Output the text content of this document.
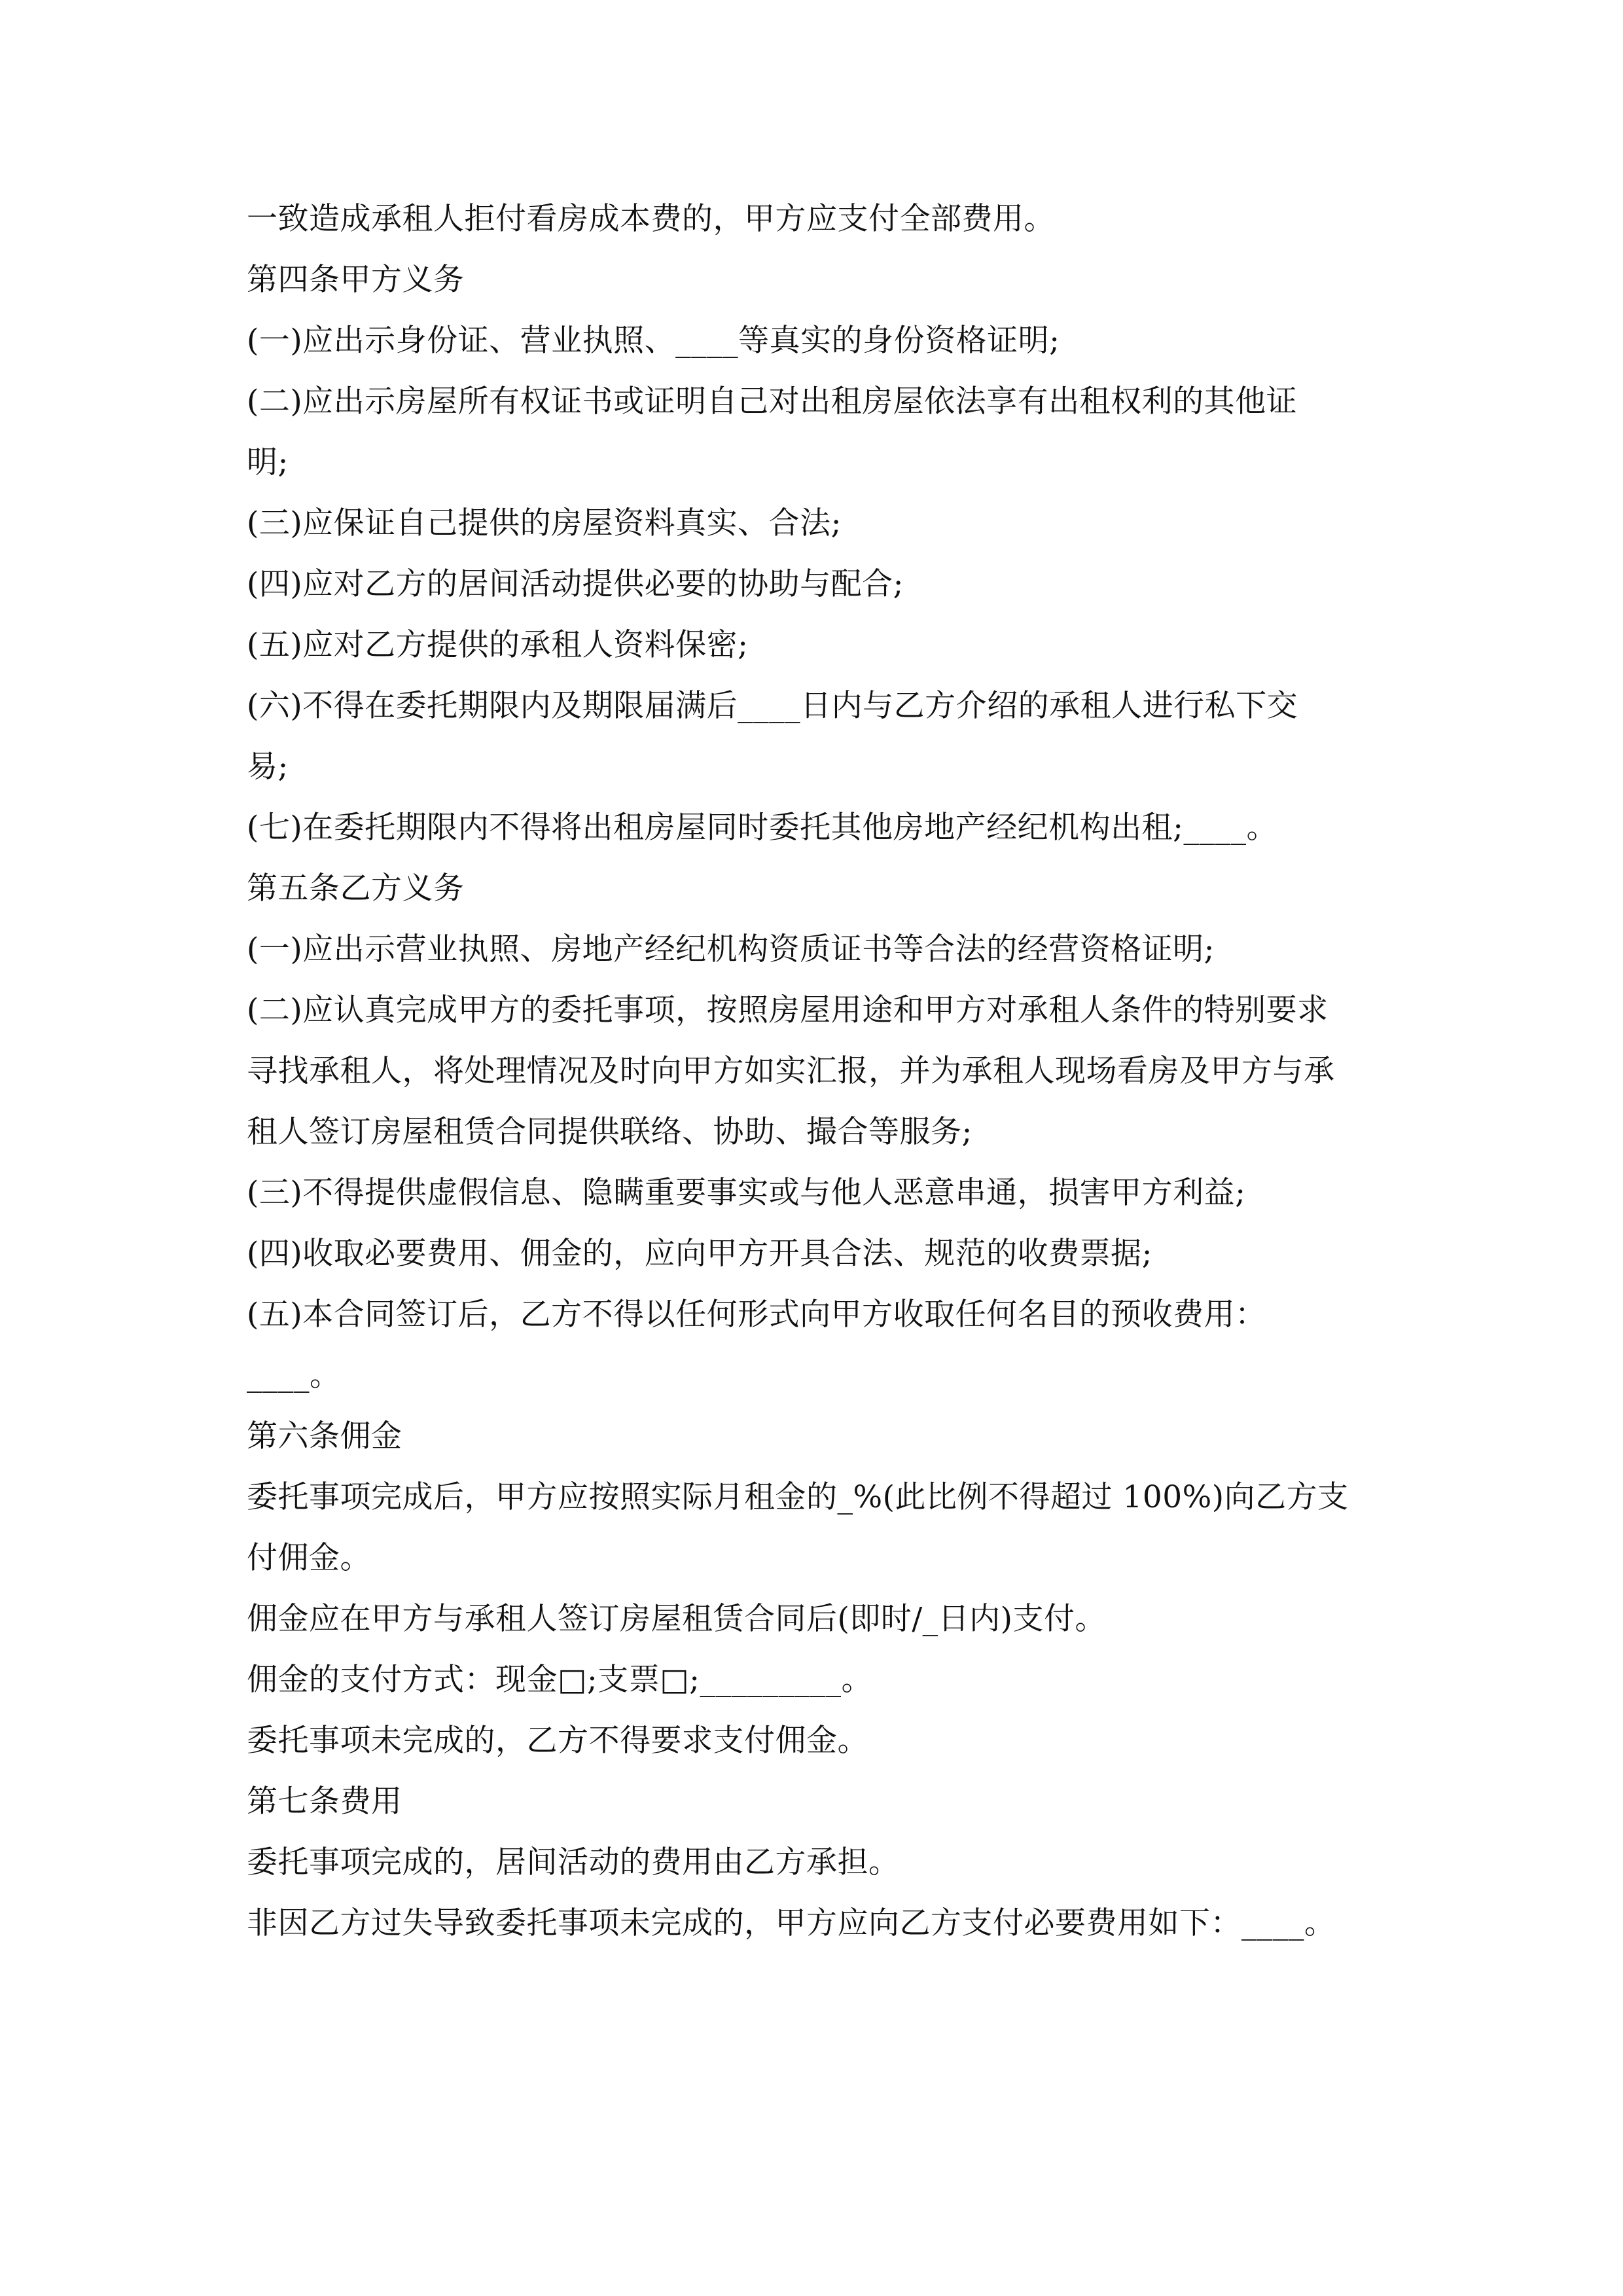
一致造成承租人拒付看房成本费的，甲方应支付全部费用。
第四条甲方义务
(一)应出示身份证、营业执照、____等真实的身份资格证明;
(二)应出示房屋所有权证书或证明自己对出租房屋依法享有出租权利的其他证
明;
(三)应保证自己提供的房屋资料真实、合法;
(四)应对乙方的居间活动提供必要的协助与配合;
(五)应对乙方提供的承租人资料保密;
(六)不得在委托期限内及期限届满后____日内与乙方介绍的承租人进行私下交
易;
(七)在委托期限内不得将出租房屋同时委托其他房地产经纪机构出租;____。
第五条乙方义务
(一)应出示营业执照、房地产经纪机构资质证书等合法的经营资格证明;
(二)应认真完成甲方的委托事项，按照房屋用途和甲方对承租人条件的特别要求
寻找承租人，将处理情况及时向甲方如实汇报，并为承租人现场看房及甲方与承
租人签订房屋租赁合同提供联络、协助、撮合等服务;
(三)不得提供虚假信息、隐瞒重要事实或与他人恶意串通，损害甲方利益;
(四)收取必要费用、佣金的，应向甲方开具合法、规范的收费票据;
(五)本合同签订后，乙方不得以任何形式向甲方收取任何名目的预收费用：
____。
第六条佣金
委托事项完成后，甲方应按照实际月租金的_%(此比例不得超过 100%)向乙方支
付佣金。
佣金应在甲方与承租人签订房屋租赁合同后(即时/_日内)支付。
佣金的支付方式：现金□;支票□;_________。
委托事项未完成的，乙方不得要求支付佣金。
第七条费用
委托事项完成的，居间活动的费用由乙方承担。
非因乙方过失导致委托事项未完成的，甲方应向乙方支付必要费用如下：____。
